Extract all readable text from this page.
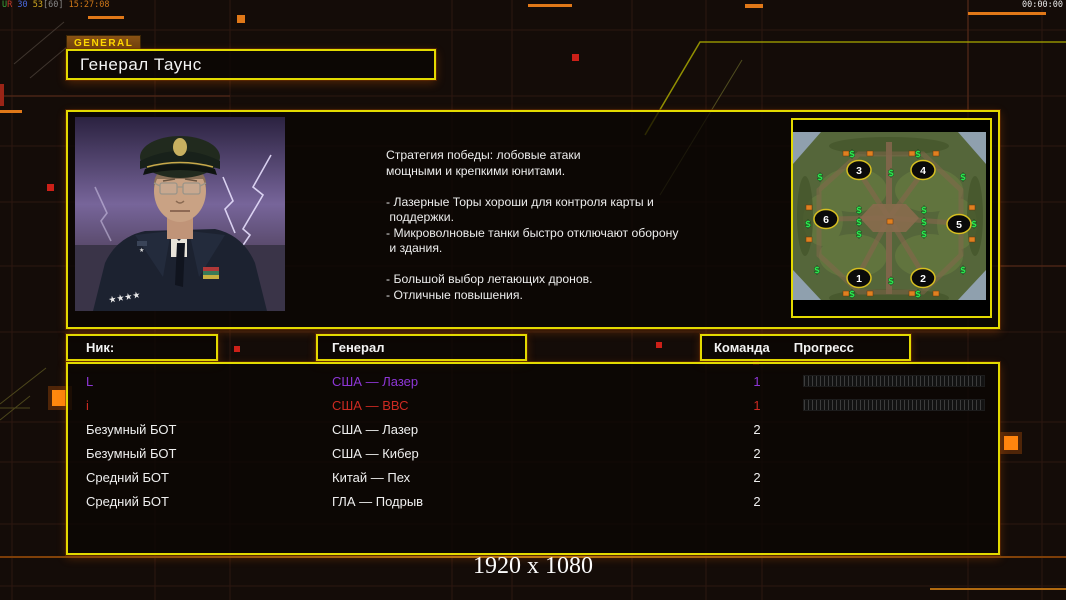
UR 30 53[60] 15:27:08	00:00:00
GENERAL
Генерал Таунс
★★★★
★
Стратегия победы: лобовые атаки
мощными и крепкими юнитами.

- Лазерные Торы хороши для контроля карты и
поддержки.
- Микроволновые танки быстро отключают оборону
и здания.

- Большой выбор летающих дронов.
- Отличные повышения.
$
$	$
$
$
$
$
$
$
$	$
$
$	$
$	$
$	$
1	2
3	4
5
6
Ник:	Генерал	Команда Прогресс
L	США — Лазер	1
i	США — ВВС	1
Безумный БОТ	США — Лазер	2
Безумный БОТ	США — Кибер	2
Средний БОТ	Китай — Пех	2
Средний БОТ	ГЛА — Подрыв	2
1920 x 1080
